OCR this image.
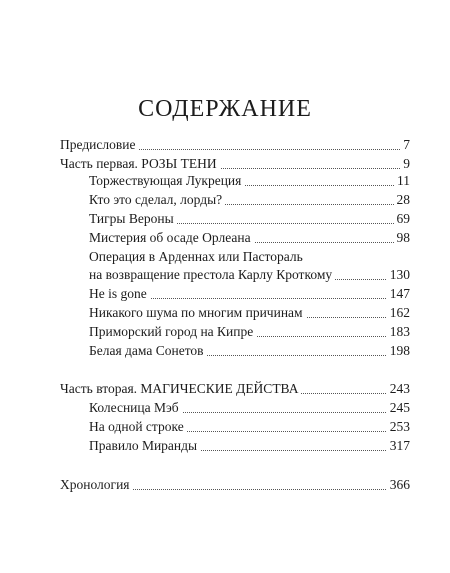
СОДЕРЖАНИЕ
Предисловие	7
Часть первая. РОЗЫ ТЕНИ	9
Торжествующая Лукреция	11
Кто это сделал, лорды?	28
Тигры Вероны	69
Мистерия об осаде Орлеана	98
Операция в Арденнах или Пастораль
на возвращение престола Карлу Кроткому	130
He is gone	147
Никакого шума по многим причинам	162
Приморский город на Кипре	183
Белая дама Сонетов	198
Часть вторая. МАГИЧЕСКИЕ ДЕЙСТВА	243
Колесница Мэб	245
На одной строке	253
Правило Миранды	317
Хронология	366
